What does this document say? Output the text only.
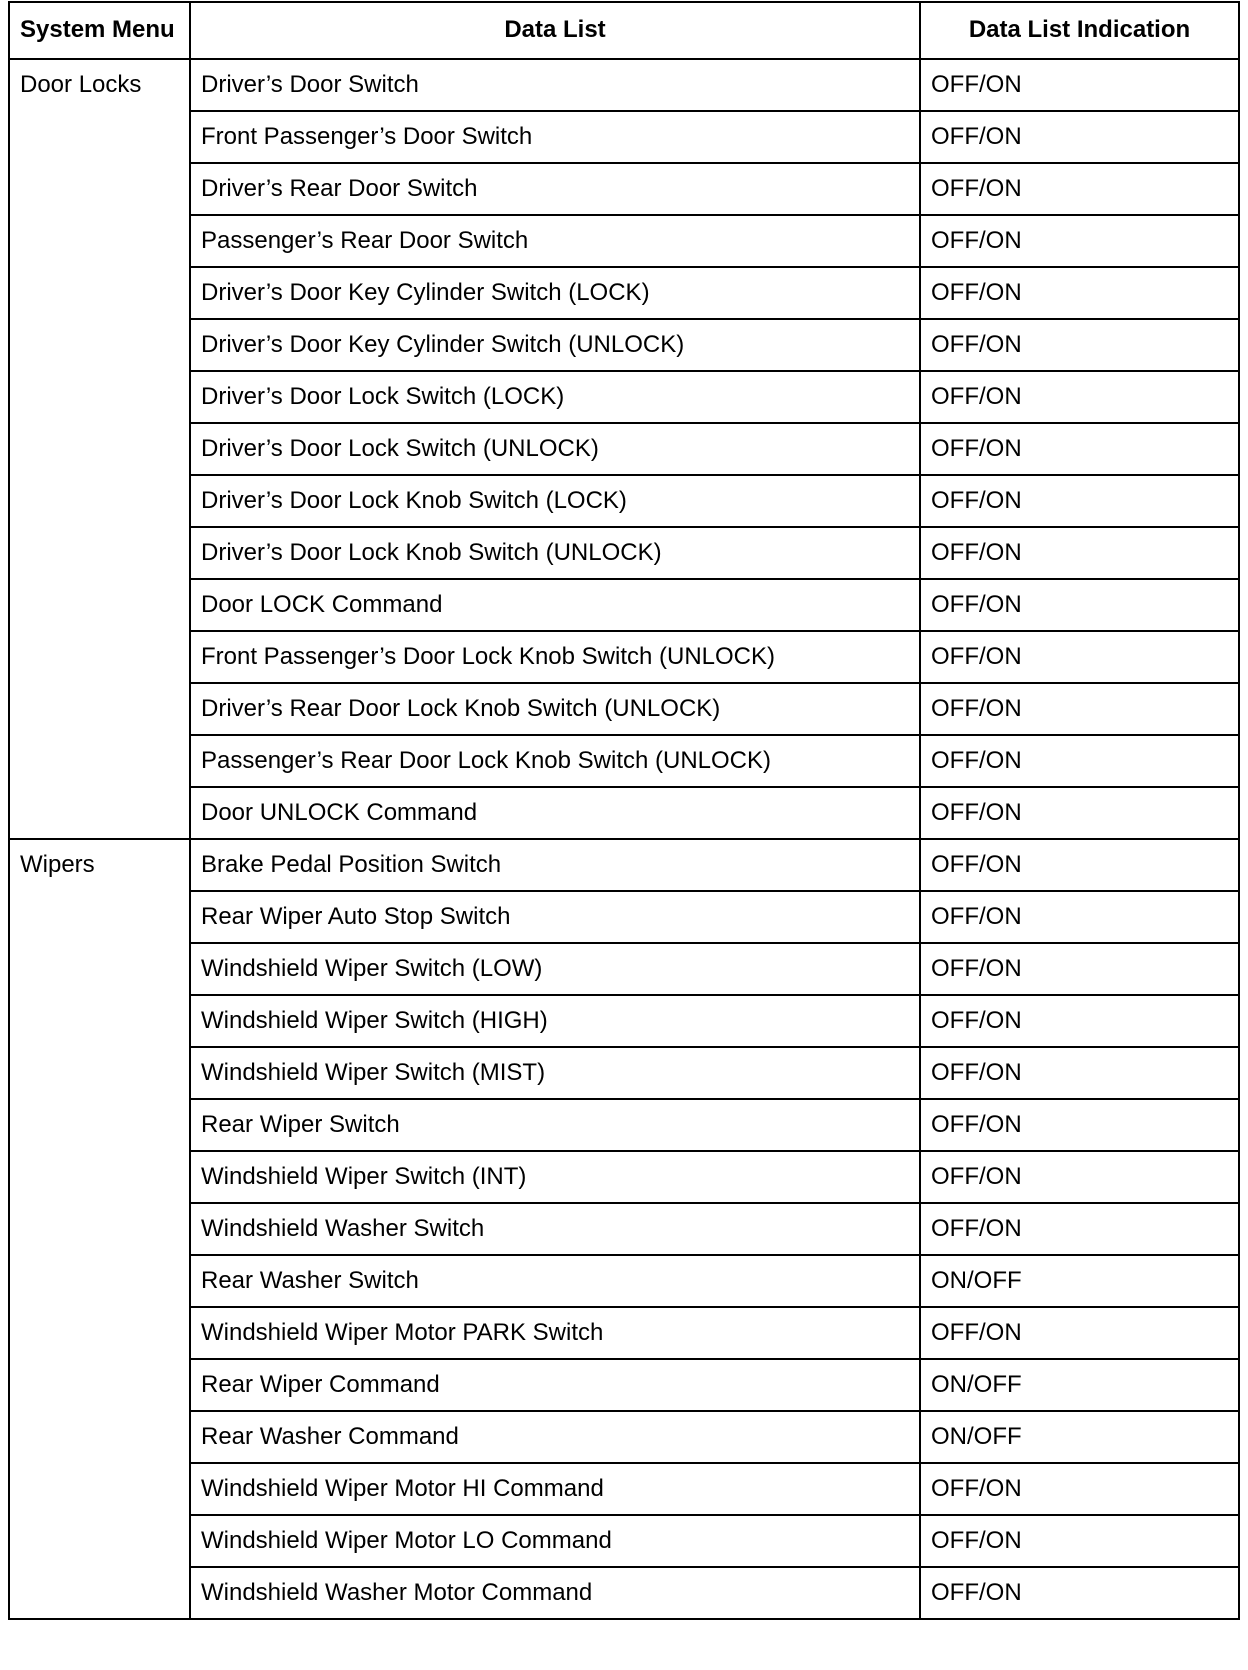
System Menu	Data List	Data List Indication
Door Locks	Driver’s Door Switch	OFF/ON
	Front Passenger’s Door Switch	OFF/ON
	Driver’s Rear Door Switch	OFF/ON
	Passenger’s Rear Door Switch	OFF/ON
	Driver’s Door Key Cylinder Switch (LOCK)	OFF/ON
	Driver’s Door Key Cylinder Switch (UNLOCK)	OFF/ON
	Driver’s Door Lock Switch (LOCK)	OFF/ON
	Driver’s Door Lock Switch (UNLOCK)	OFF/ON
	Driver’s Door Lock Knob Switch (LOCK)	OFF/ON
	Driver’s Door Lock Knob Switch (UNLOCK)	OFF/ON
	Door LOCK Command	OFF/ON
	Front Passenger’s Door Lock Knob Switch (UNLOCK)	OFF/ON
	Driver’s Rear Door Lock Knob Switch (UNLOCK)	OFF/ON
	Passenger’s Rear Door Lock Knob Switch (UNLOCK)	OFF/ON
	Door UNLOCK Command	OFF/ON
Wipers	Brake Pedal Position Switch	OFF/ON
	Rear Wiper Auto Stop Switch	OFF/ON
	Windshield Wiper Switch (LOW)	OFF/ON
	Windshield Wiper Switch (HIGH)	OFF/ON
	Windshield Wiper Switch (MIST)	OFF/ON
	Rear Wiper Switch	OFF/ON
	Windshield Wiper Switch (INT)	OFF/ON
	Windshield Washer Switch	OFF/ON
	Rear Washer Switch	ON/OFF
	Windshield Wiper Motor PARK Switch	OFF/ON
	Rear Wiper Command	ON/OFF
	Rear Washer Command	ON/OFF
	Windshield Wiper Motor HI Command	OFF/ON
	Windshield Wiper Motor LO Command	OFF/ON
	Windshield Washer Motor Command	OFF/ON
